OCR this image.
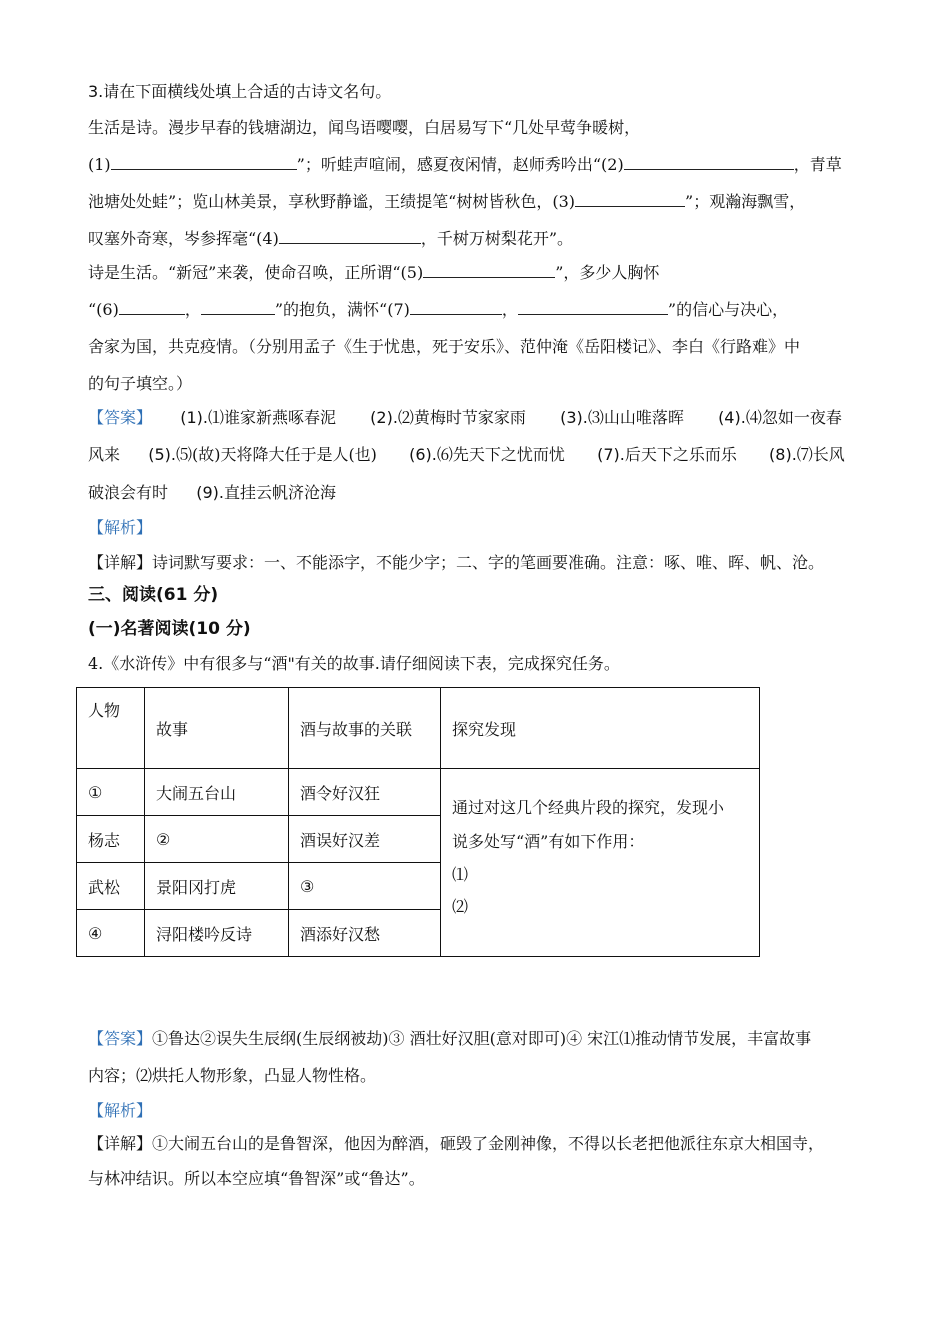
3.请在下面横线处填上合适的古诗文名句。
生活是诗。漫步早春的钱塘湖边，闻鸟语嘤嘤，白居易写下“几处早莺争暖树，
(1)	”；听蛙声喧闹，感夏夜闲情，赵师秀吟出“(2)	，青草
池塘处处蛙”；览山林美景，享秋野静谧，王绩提笔“树树皆秋色，(3)	”；观瀚海飘雪，
叹塞外奇寒，岑参挥毫“(4)	，千树万树梨花开”。
诗是生活。“新冠”来袭，使命召唤，正所谓“(5)	”，多少人胸怀
“(6)	，	”的抱负，满怀“(7)	，	”的信心与决心，
舍家为国，共克疫情。（分别用孟子《生于忧患，死于安乐》、范仲淹《岳阳楼记》、李白《行路难》中
的句子填空。）
【答案】 (1).⑴谁家新燕啄春泥 (2).⑵黄梅时节家家雨 (3).⑶山山唯落晖 (4).⑷忽如一夜春
风来 (5).⑸(故)天将降大任于是人(也) (6).⑹先天下之忧而忧 (7).后天下之乐而乐 (8).⑺长风
破浪会有时 (9).直挂云帆济沧海
【解析】
【详解】诗词默写要求：一、不能添字，不能少字；二、字的笔画要准确。注意：啄、唯、晖、帆、沧。
三、阅读(61 分)
(一)名著阅读(10 分)
4.《水浒传》中有很多与“酒"有关的故事.请仔细阅读下表，完成探究任务。
人物	故事	酒与故事的关联	探究发现
①	大闹五台山	酒令好汉狂	通过对这几个经典片段的探究，发现小
说多处写“酒”有如下作用：
⑴
⑵

杨志	②	酒误好汉差	
武松	景阳冈打虎	③	
④	浔阳楼吟反诗	酒添好汉愁	
【答案】①鲁达②误失生辰纲(生辰纲被劫)③ 酒壮好汉胆(意对即可)④ 宋江⑴推动情节发展，丰富故事
内容；⑵烘托人物形象，凸显人物性格。
【解析】
【详解】①大闹五台山的是鲁智深，他因为醉酒，砸毁了金刚神像，不得以长老把他派往东京大相国寺，
与林冲结识。所以本空应填“鲁智深”或“鲁达”。
